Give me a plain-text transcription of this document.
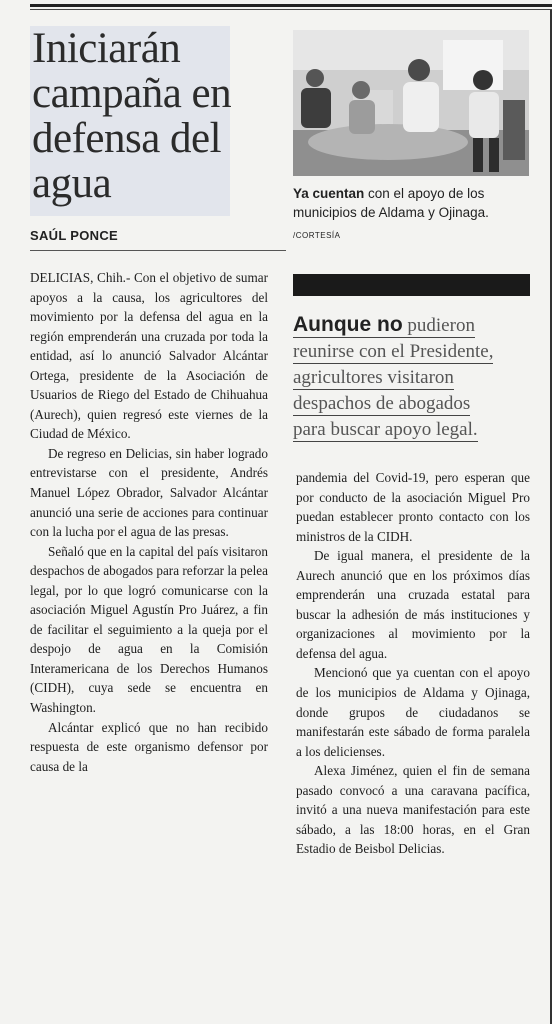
Iniciarán campaña en defensa del agua
SAÚL PONCE
Ya cuentan con el apoyo de los municipios de Aldama y Ojinaga. /CORTESÍA
Aunque no pudieron
reunirse con el Presidente,
agricultores visitaron
despachos de abogados
para buscar apoyo legal.

DELICIAS, Chih.- Con el objetivo de sumar apoyos a la causa, los agricultores del movimiento por la defensa del agua en la región emprenderán una cruzada por toda la entidad, así lo anunció Salvador Alcántar Ortega, presidente de la Asociación de Usuarios de Riego del Estado de Chihuahua (Aurech), quien regresó este viernes de la Ciudad de México.

De regreso en Delicias, sin haber logrado entrevistarse con el presidente, Andrés Manuel López Obrador, Salvador Alcántar anunció una serie de acciones para continuar con la lucha por el agua de las presas.

Señaló que en la capital del país visitaron despachos de abogados para reforzar la pelea legal, por lo que logró comunicarse con la asociación Miguel Agustín Pro Juárez, a fin de facilitar el seguimiento a la queja por el despojo de agua en la Comisión Interamericana de los Derechos Humanos (CIDH), cuya sede se encuentra en Washington.

Alcántar explicó que no han recibido respuesta de este organismo defensor por causa de la

pandemia del Covid-19, pero esperan que por conducto de la asociación Miguel Pro puedan establecer pronto contacto con los ministros de la CIDH.

De igual manera, el presidente de la Aurech anunció que en los próximos días emprenderán una cruzada estatal para buscar la adhesión de más instituciones y organizaciones al movimiento por la defensa del agua.

Mencionó que ya cuentan con el apoyo de los municipios de Aldama y Ojinaga, donde grupos de ciudadanos se manifestarán este sábado de forma paralela a los delicienses.

Alexa Jiménez, quien el fin de semana pasado convocó a una caravana pacífica, invitó a una nueva manifestación para este sábado, a las 18:00 horas, en el Gran Estadio de Beisbol Delicias.
